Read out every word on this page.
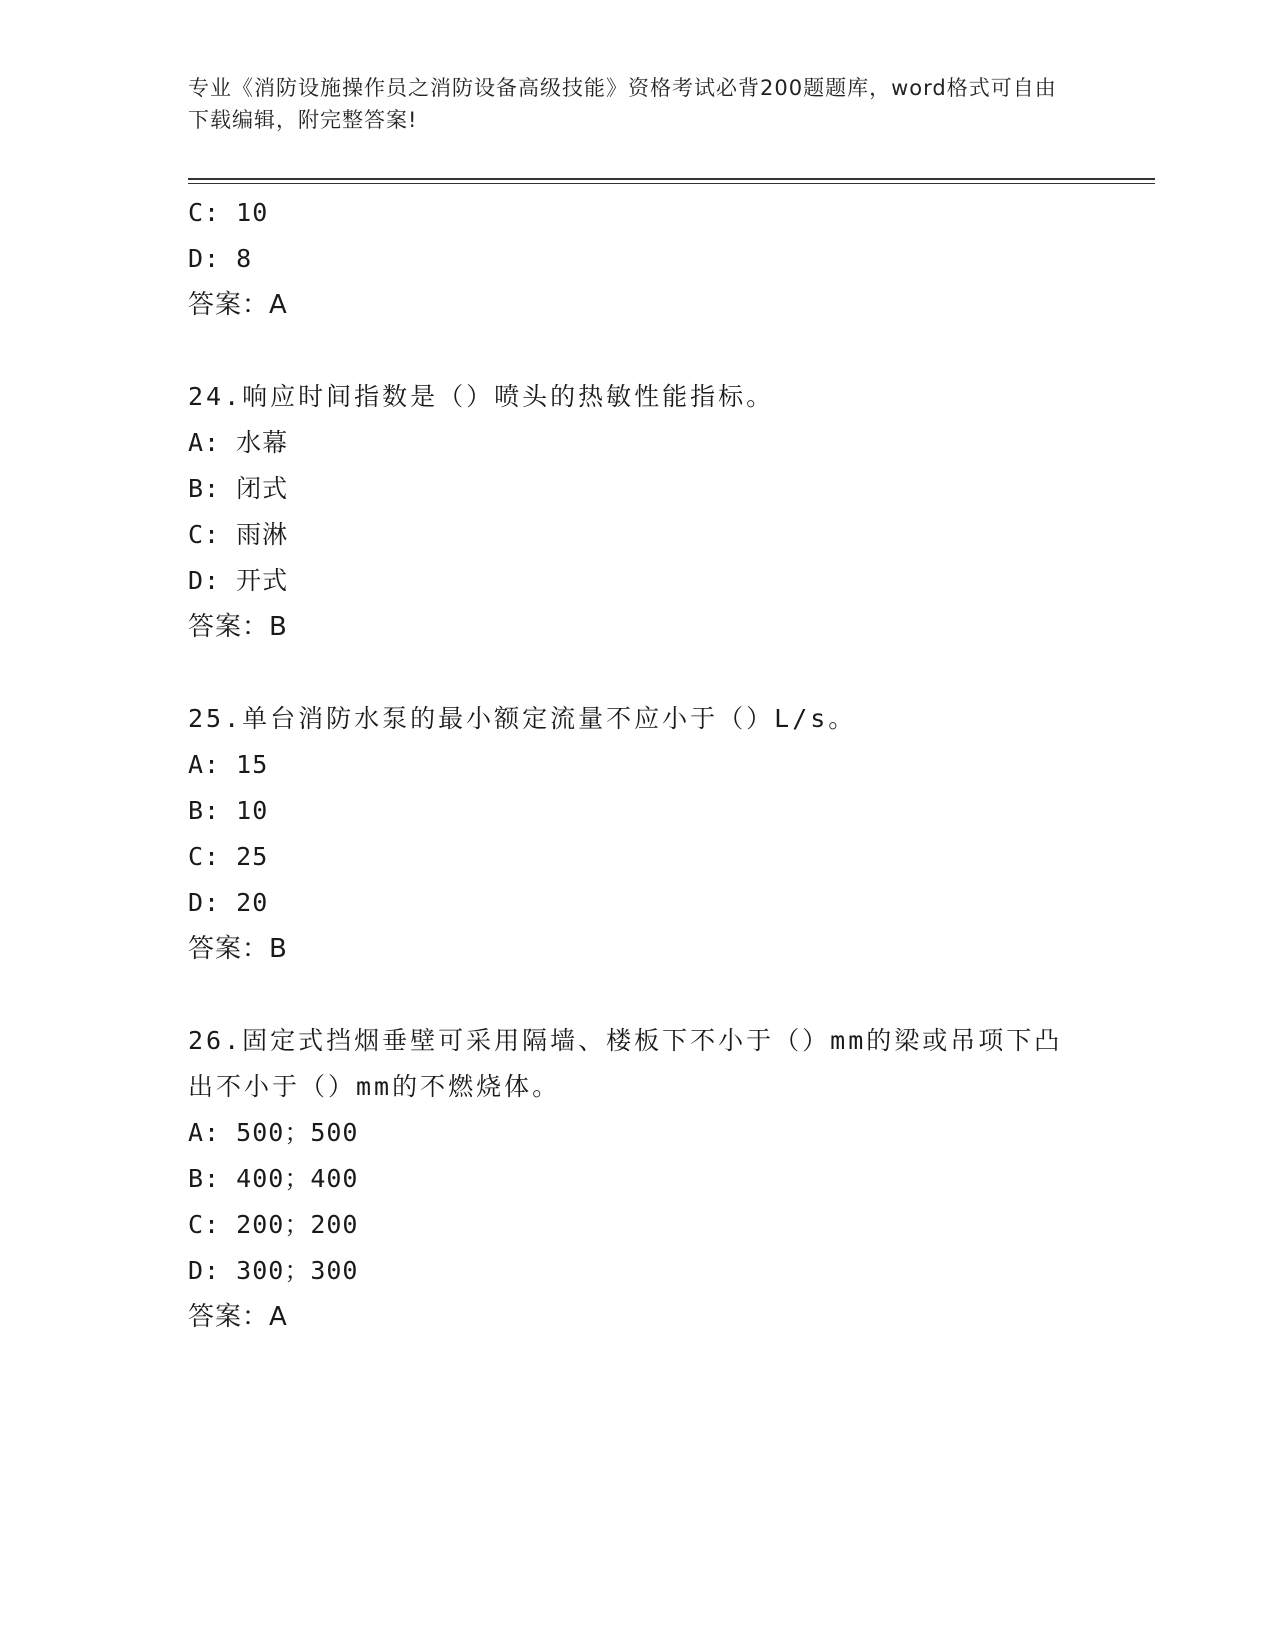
专业《消防设施操作员之消防设备高级技能》资格考试必背200题题库，word格式可自由下载编辑，附完整答案!
C: 10
D: 8
答案：A
24.响应时间指数是（）喷头的热敏性能指标。
A: 水幕
B: 闭式
C: 雨淋
D: 开式
答案：B
25.单台消防水泵的最小额定流量不应小于（）L/s。
A: 15
B: 10
C: 25
D: 20
答案：B
26.固定式挡烟垂壁可采用隔墙、楼板下不小于（）mm的梁或吊项下凸出不小于（）mm的不燃烧体。
A: 500；500
B: 400；400
C: 200；200
D: 300；300
答案：A
